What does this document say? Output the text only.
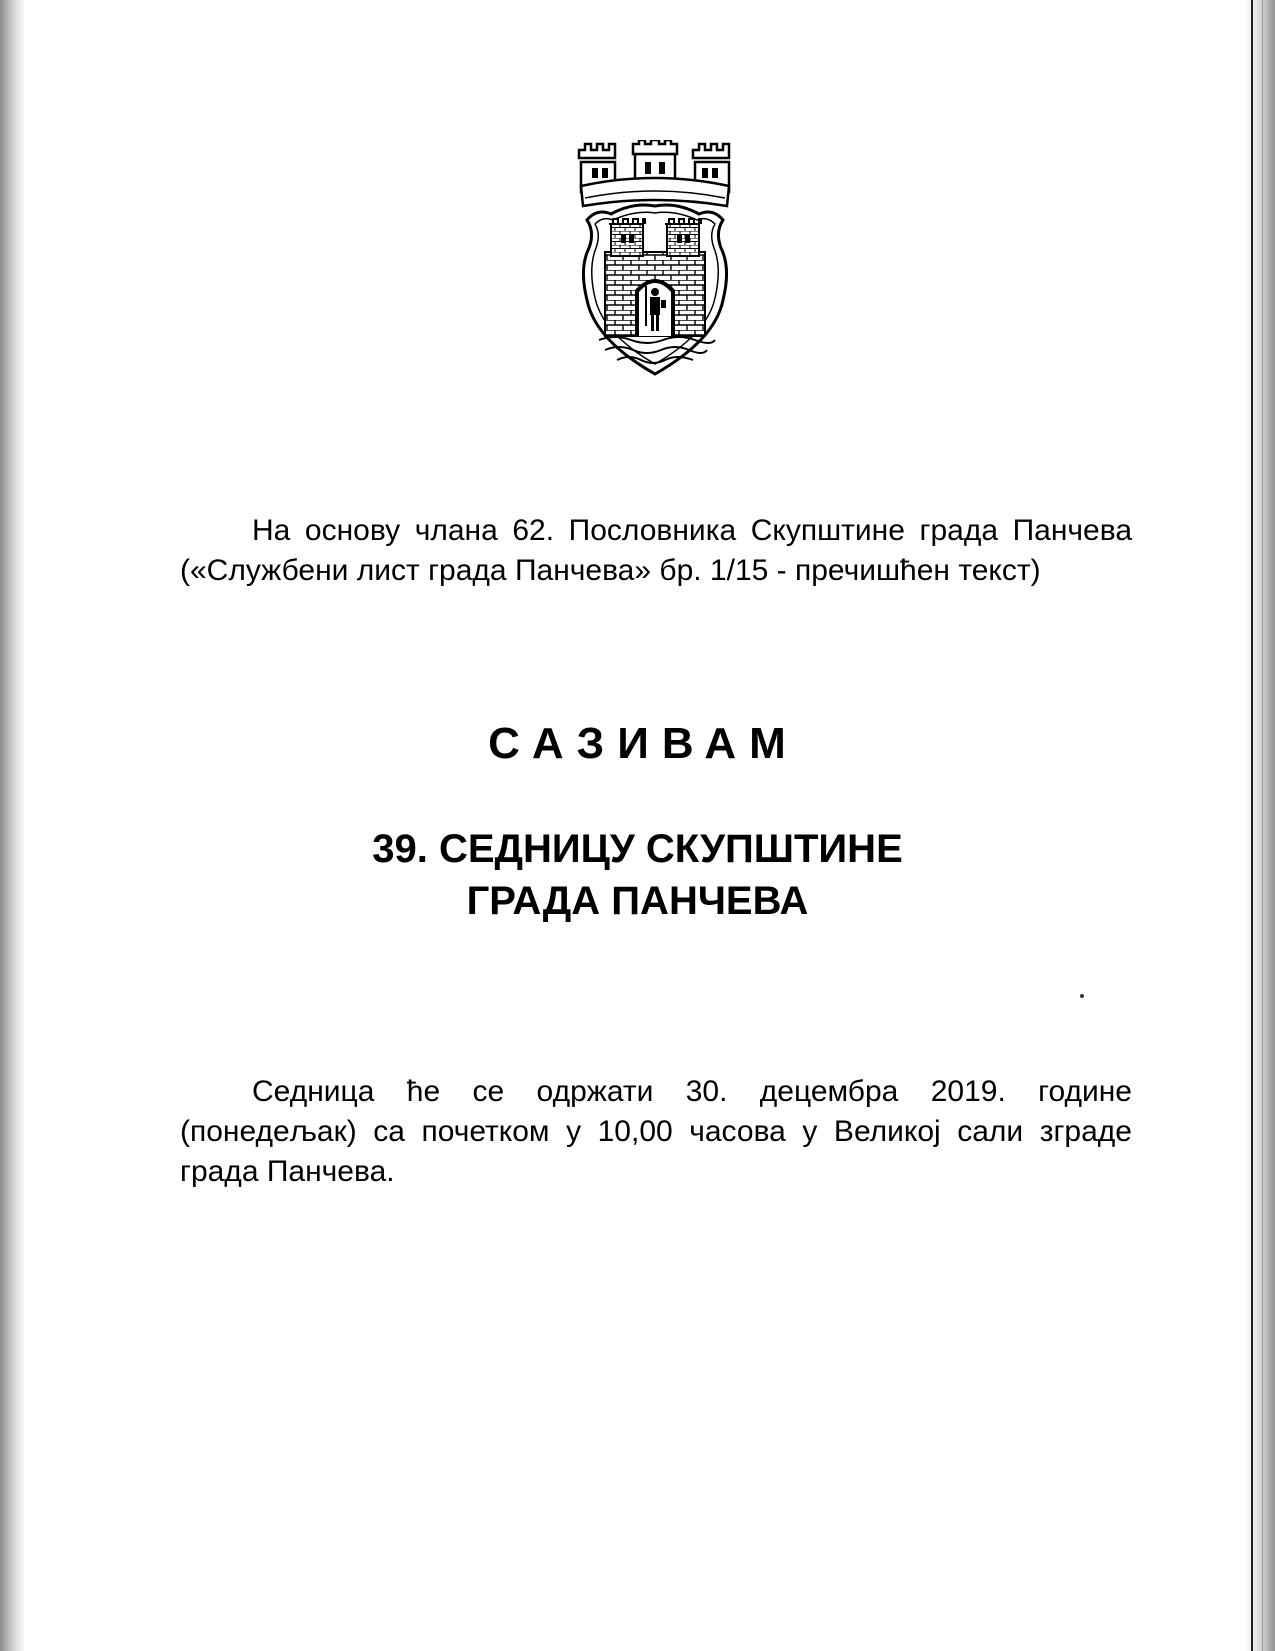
На основу члана 62. Пословника Скупштине града Панчева («Службени лист града Панчева» бр. 1/15 - пречишћен текст)

САЗИВАМ
39. СЕДНИЦУ СКУПШТИНЕ
ГРАДА ПАНЧЕВА

Седница ће се одржати 30. децембра 2019. године (понедељак) са почетком у 10,00 часова у Великој сали зграде града Панчева.
